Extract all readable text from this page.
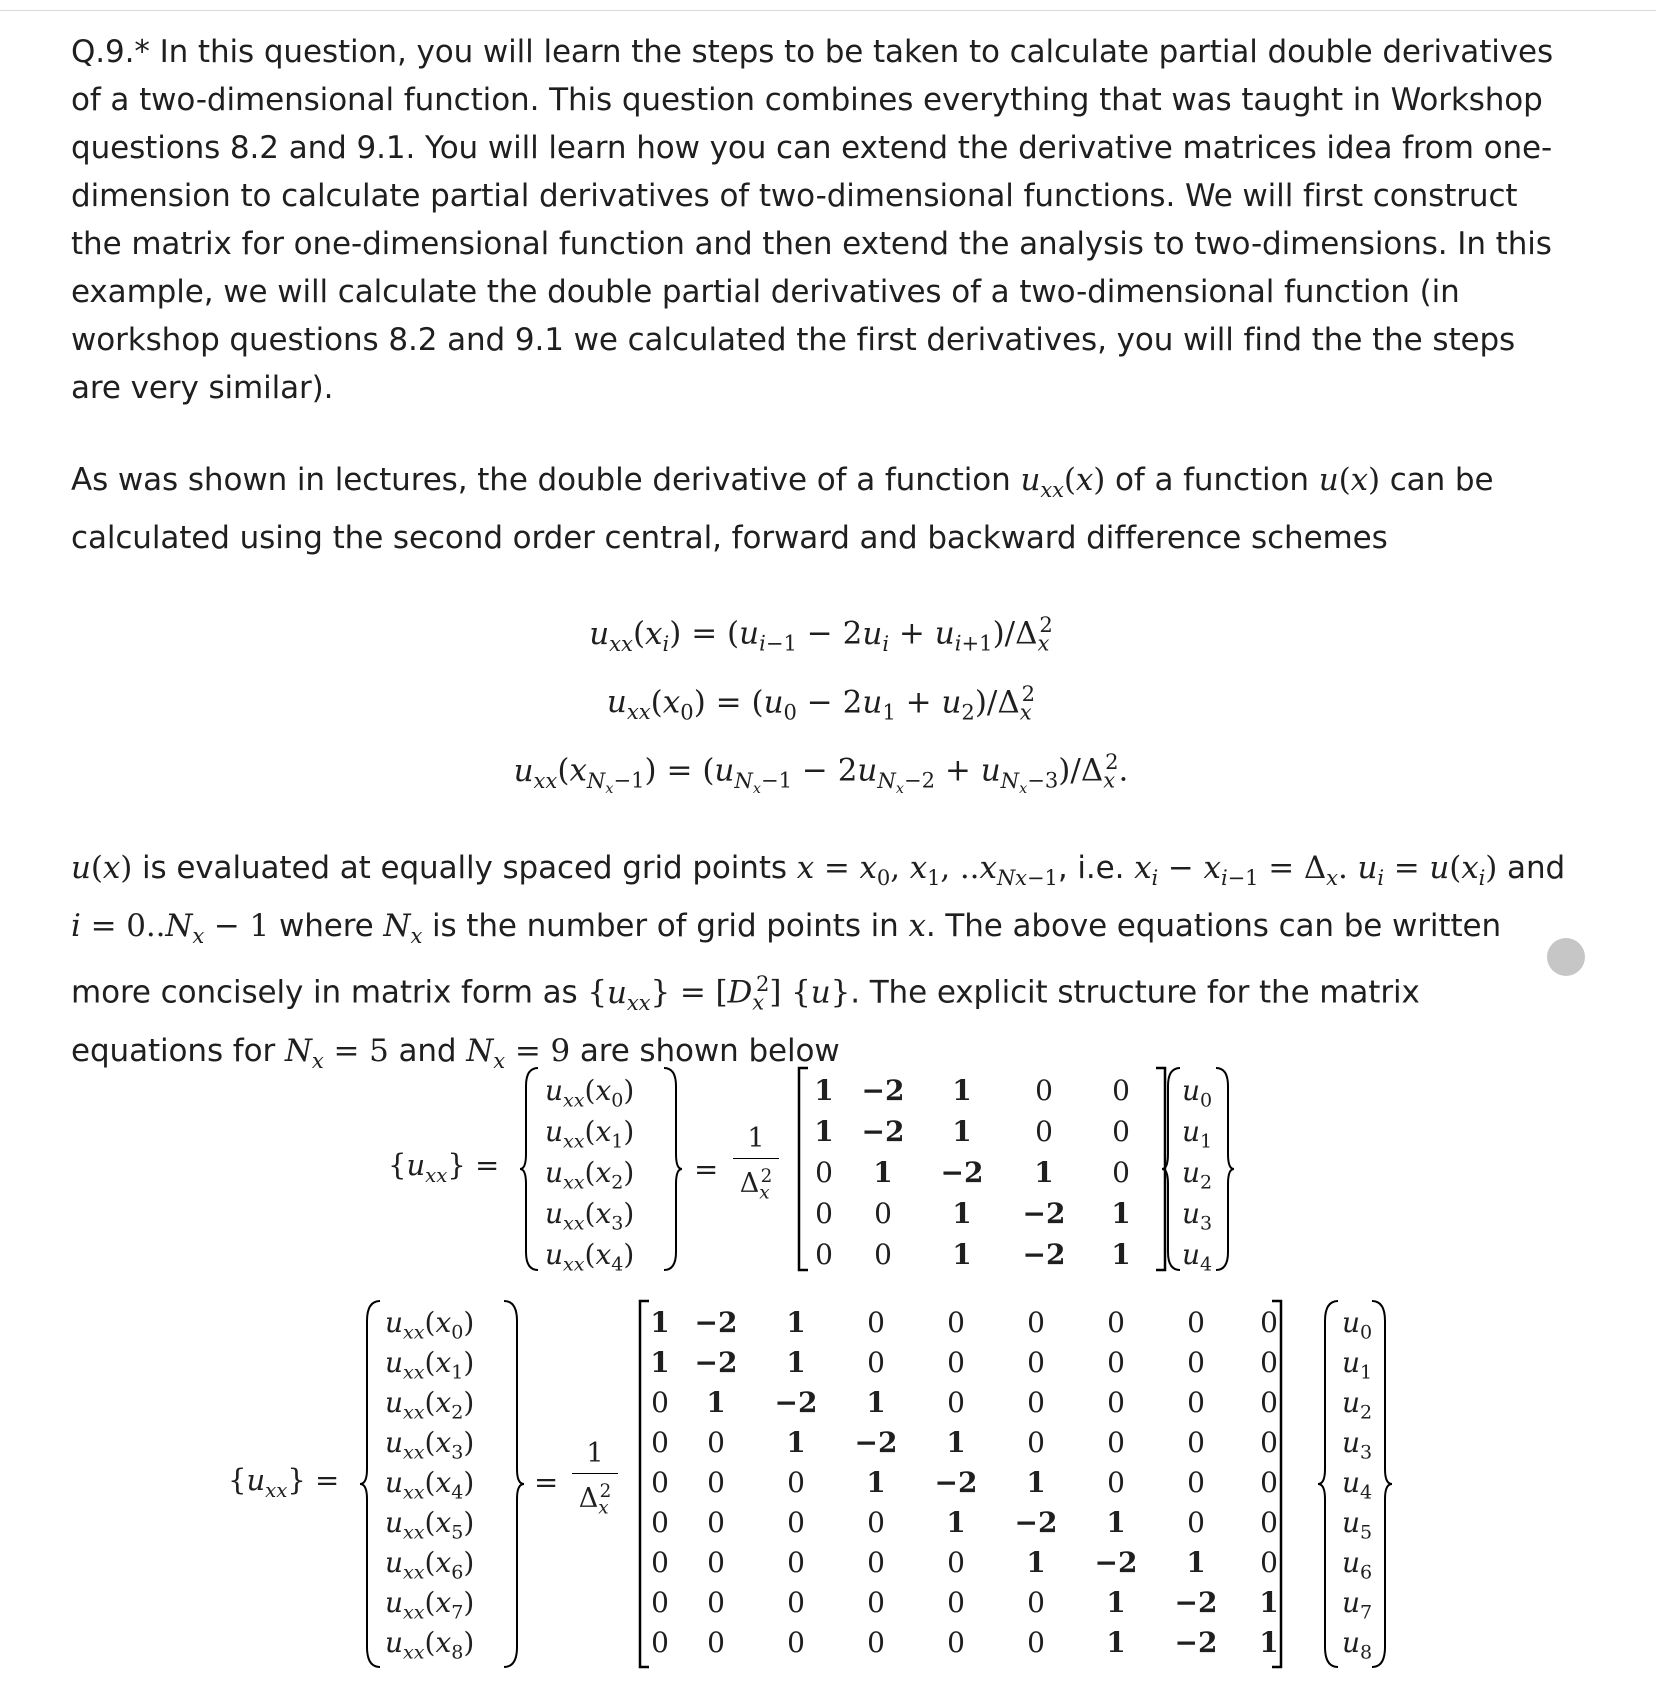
Q.9.* In this question, you will learn the steps to be taken to calculate partial double derivatives of a two-dimensional function. This question combines everything that was taught in Workshop questions 8.2 and 9.1. You will learn how you can extend the derivative matrices idea from one-dimension to calculate partial derivatives of two-dimensional functions. We will first construct the matrix for one-dimensional function and then extend the analysis to two-dimensions. In this example, we will calculate the double partial derivatives of a two-dimensional function (in workshop questions 8.2 and 9.1 we calculated the first derivatives, you will find the the steps are very similar).

As was shown in lectures, the double derivative of a function $u_{xx}(x)$ of a function u(x) can be calculated using the second order central, forward and backward difference schemes

$u_{xx}(x_i) = (u_{i-1} - 2u_i + u_{i+1})/\Delta_x^2$
$u_{xx}(x_0) = (u_0 - 2u_1 + u_2)/\Delta_x^2$
$u_{xx}(x_{N_x-1}) = (u_{N_x-1} - 2u_{N_x-2} + u_{N_x-3})/\Delta_x^2$.

u(x) is evaluated at equally spaced grid points $x = x_0$, $x_1$, $..x_{Nx-1}$, i.e. $x_i - x_{i-1} = \Delta_x$. $u_i = u(x_i)$ and $i = 0..N_x - 1$ where $N_x$ is the number of grid points in x. The above equations can be written more concisely in matrix form as $\{u_{xx}\} = [D_x^2]$ {u}. The explicit structure for the matrix equations for $N_x = 5$ and $N_x = 9$ are shown below

$\{u_{xx}\}$ =
$u_{xx}(x_0)$
$u_{xx}(x_1)$
$u_{xx}(x_2)$
$u_{xx}(x_3)$
$u_{xx}(x_4)$
=
1
$\Delta_x^2$
1 −2	1	0	0
1 −2	1	0	0
0	1	−2	1	0
0	0	1	−2	1
0	0	1	−2	1
$u_0$
$u_1$
$u_2$
$u_3$
$u_4$
$\{u_{xx}\}$ =
$u_{xx}(x_0)$
$u_{xx}(x_1)$
$u_{xx}(x_2)$
$u_{xx}(x_3)$
$u_{xx}(x_4)$
$u_{xx}(x_5)$
$u_{xx}(x_6)$
$u_{xx}(x_7)$
$u_{xx}(x_8)$
=
1
$\Delta_x^2$
1 −2	1	0	0	0	0	0	0
1 −2	1	0	0	0	0	0	0
0	1	−2	1	0	0	0	0	0
0	0	1	−2	1	0	0	0	0
0	0	0	1	−2	1	0	0	0
0	0	0	0	1	−2	1	0	0
0	0	0	0	0	1	−2	1	0
0	0	0	0	0	0	1	−2	1
0	0	0	0	0	0	1	−2	1
$u_0$
$u_1$
$u_2$
$u_3$
$u_4$
$u_5$
$u_6$
$u_7$
$u_8$
